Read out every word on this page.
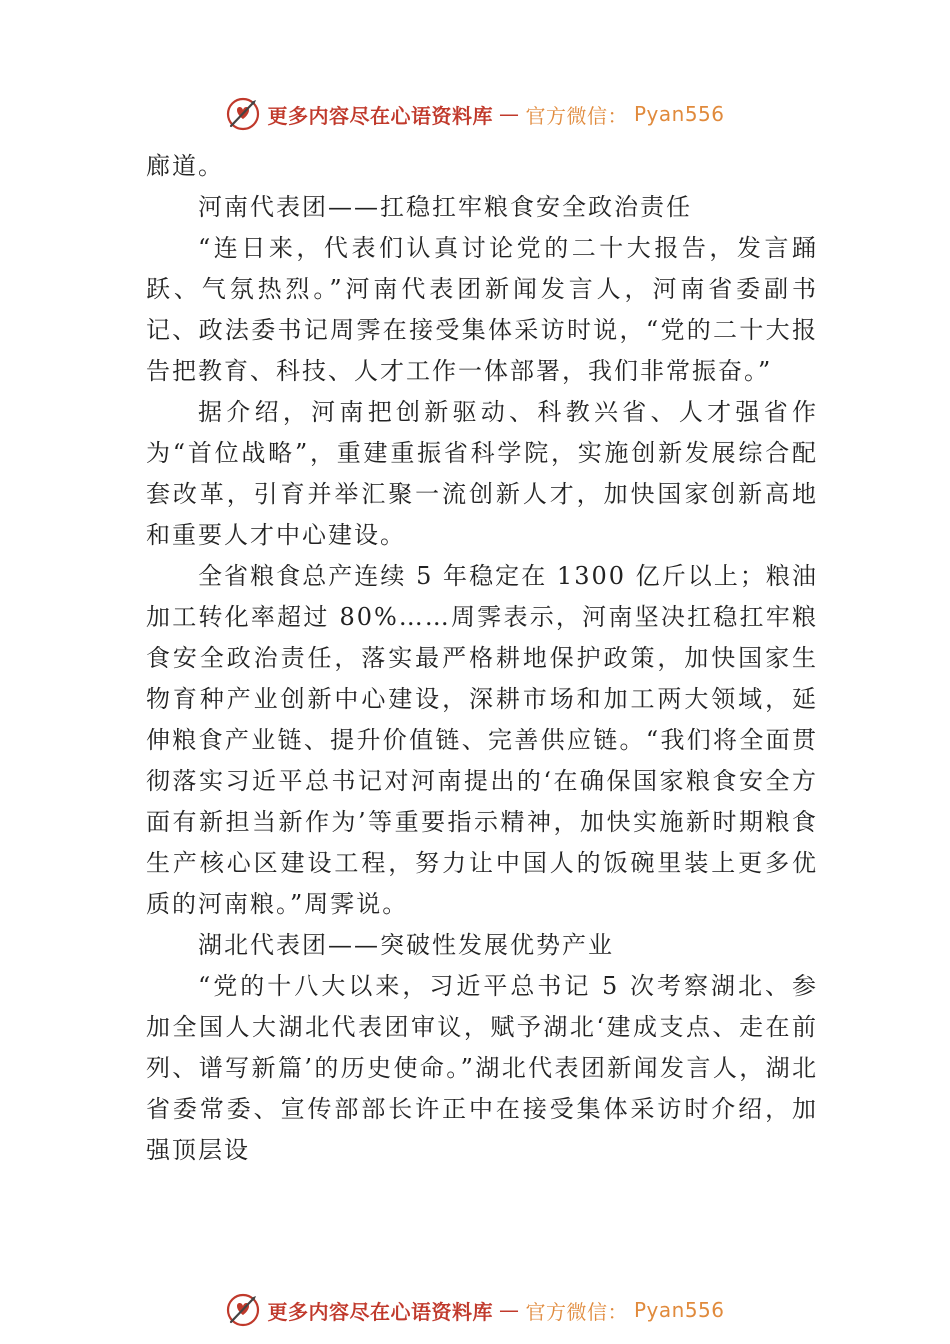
更多内容尽在心语资料库 — 官方微信： Pyan556

廊道。

河南代表团——扛稳扛牢粮食安全政治责任

“连日来，代表们认真讨论党的二十大报告，发言踊跃、气氛热烈。”河南代表团新闻发言人，河南省委副书记、政法委书记周霁在接受集体采访时说，“党的二十大报告把教育、科技、人才工作一体部署，我们非常振奋。”

据介绍，河南把创新驱动、科教兴省、人才强省作为“首位战略”，重建重振省科学院，实施创新发展综合配套改革，引育并举汇聚一流创新人才，加快国家创新高地和重要人才中心建设。

全省粮食总产连续 5 年稳定在 1300 亿斤以上；粮油加工转化率超过 80%……周霁表示，河南坚决扛稳扛牢粮食安全政治责任，落实最严格耕地保护政策，加快国家生物育种产业创新中心建设，深耕市场和加工两大领域，延伸粮食产业链、提升价值链、完善供应链。“我们将全面贯彻落实习近平总书记对河南提出的‘在确保国家粮食安全方面有新担当新作为’等重要指示精神，加快实施新时期粮食生产核心区建设工程，努力让中国人的饭碗里装上更多优质的河南粮。”周霁说。

湖北代表团——突破性发展优势产业

“党的十八大以来，习近平总书记 5 次考察湖北、参加全国人大湖北代表团审议，赋予湖北‘建成支点、走在前列、谱写新篇’的历史使命。”湖北代表团新闻发言人，湖北省委常委、宣传部部长许正中在接受集体采访时介绍，加强顶层设

更多内容尽在心语资料库 — 官方微信： Pyan556
